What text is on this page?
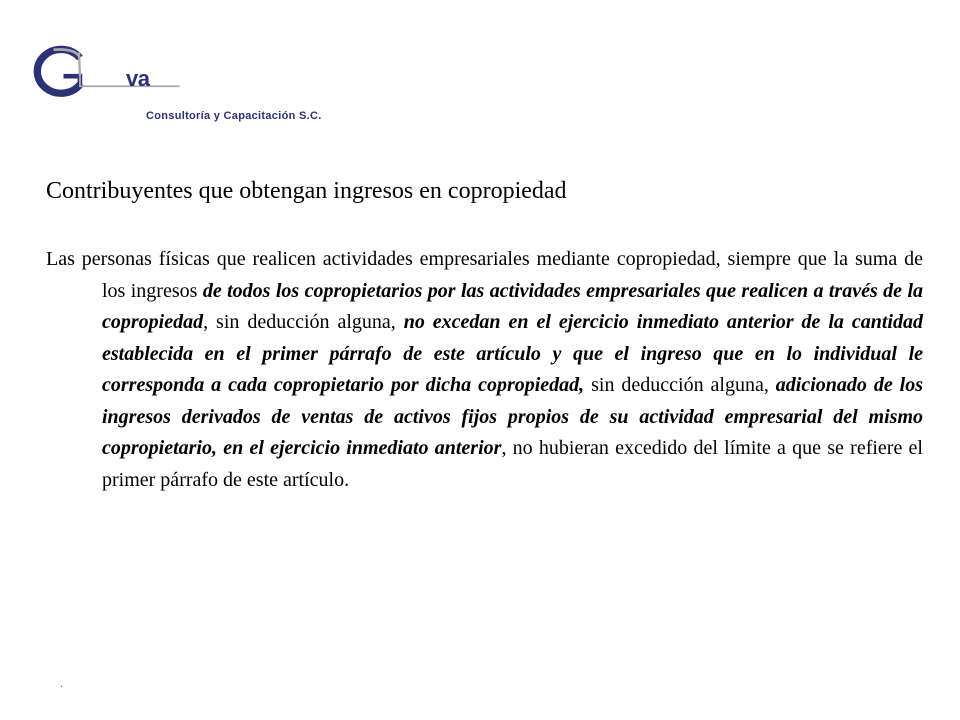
va
Consultoría y Capacitación S.C.
Contribuyentes que obtengan ingresos en copropiedad

Las personas físicas que realicen actividades empresariales mediante copropiedad, siempre que la suma de los ingresos de todos los copropietarios por las actividades empresariales que realicen a través de la copropiedad, sin deducción alguna, no excedan en el ejercicio inmediato anterior de la cantidad establecida en el primer párrafo de este artículo y que el ingreso que en lo individual le corresponda a cada copropietario por dicha copropiedad, sin deducción alguna, adicionado de los ingresos derivados de ventas de activos fijos propios de su actividad empresarial del mismo copropietario, en el ejercicio inmediato anterior, no hubieran excedido del límite a que se refiere el primer párrafo de este artículo.

·
